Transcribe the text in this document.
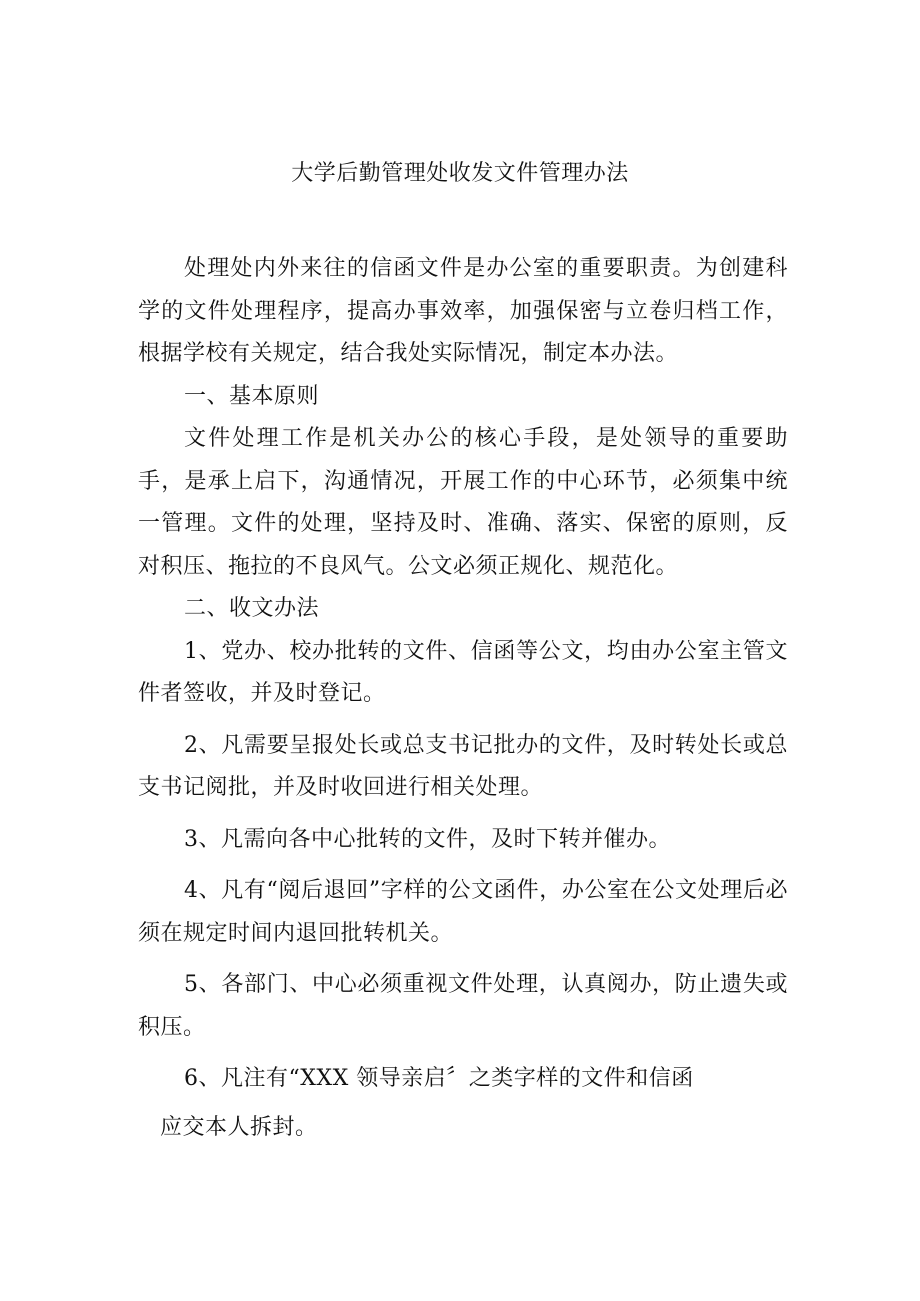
大学后勤管理处收发文件管理办法

处理处内外来往的信函文件是办公室的重要职责。为创建科学的文件处理程序，提高办事效率，加强保密与立卷归档工作，根据学校有关规定，结合我处实际情况，制定本办法。

一、基本原则

文件处理工作是机关办公的核心手段，是处领导的重要助手，是承上启下，沟通情况，开展工作的中心环节，必须集中统一管理。文件的处理，坚持及时、准确、落实、保密的原则，反对积压、拖拉的不良风气。公文必须正规化、规范化。

二、收文办法

1、党办、校办批转的文件、信函等公文，均由办公室主管文件者签收，并及时登记。

2、凡需要呈报处长或总支书记批办的文件，及时转处长或总支书记阅批，并及时收回进行相关处理。

3、凡需向各中心批转的文件，及时下转并催办。

4、凡有“阅后退回”字样的公文函件，办公室在公文处理后必须在规定时间内退回批转机关。

5、各部门、中心必须重视文件处理，认真阅办，防止遗失或积压。

6、凡注有“XXX 领导亲启〞之类字样的文件和信函

应交本人拆封。
